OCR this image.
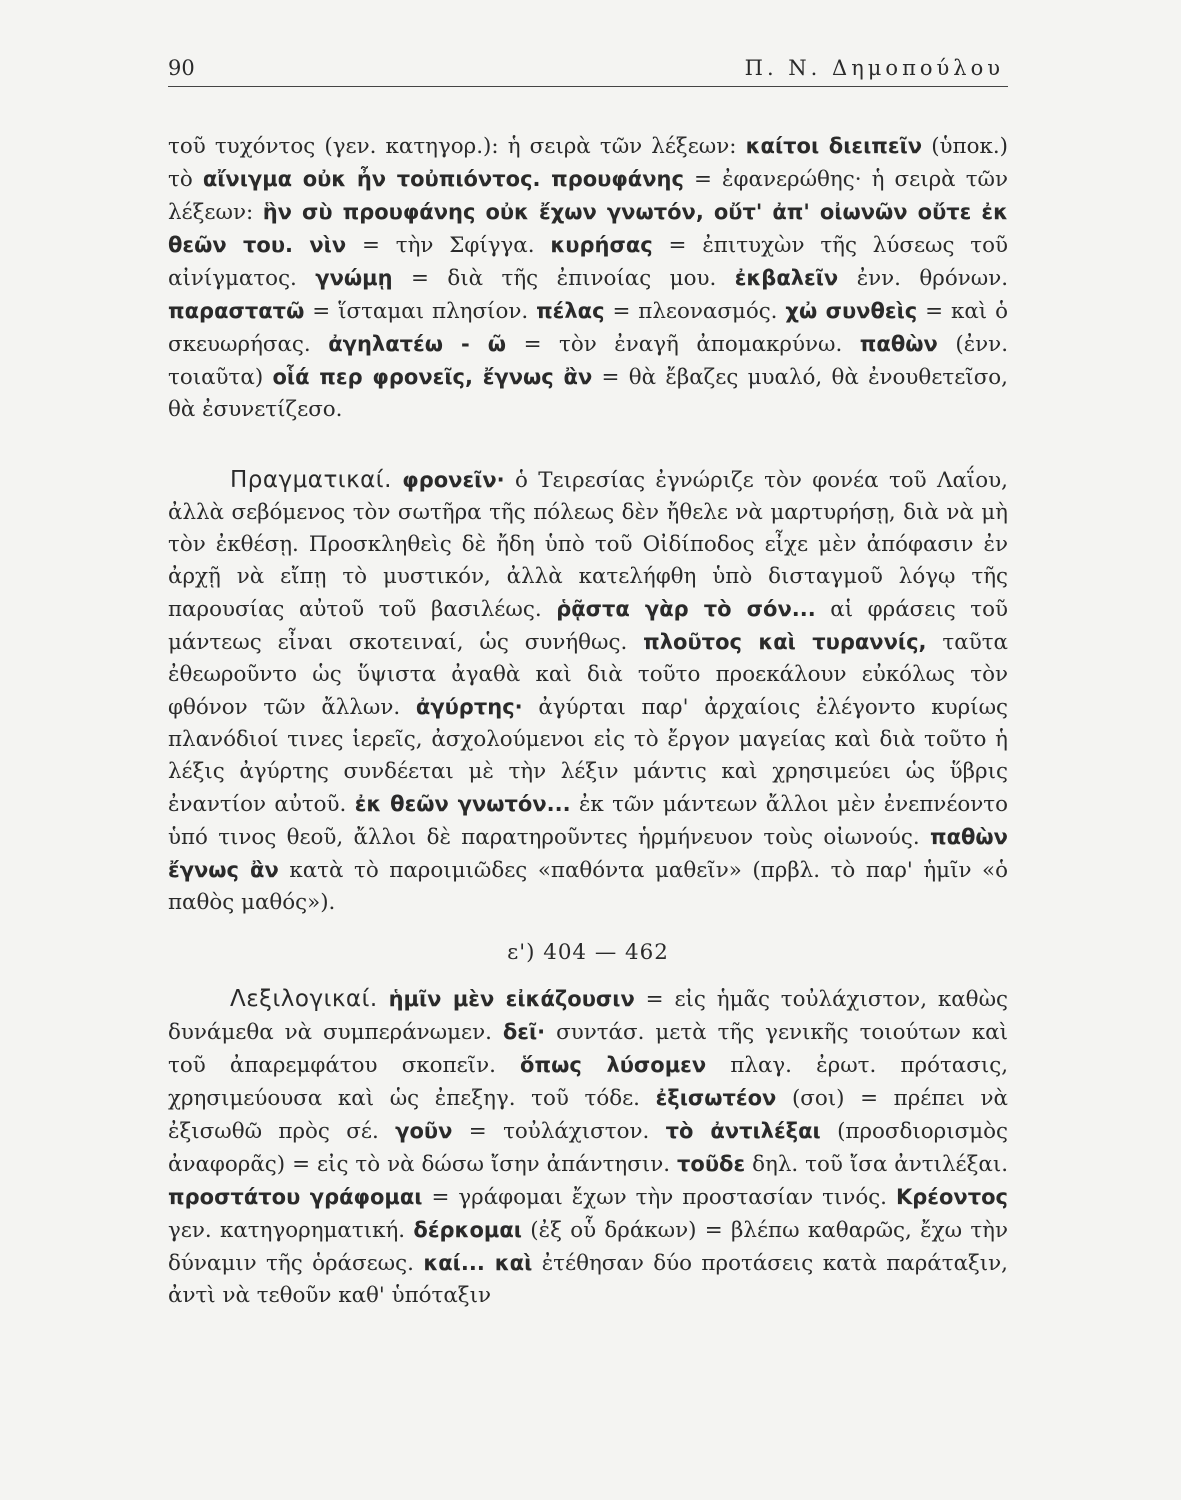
90	Π. Ν. Δημοπούλου

τοῦ τυχόντος (γεν. κατηγορ.): ἡ σειρὰ τῶν λέξεων: καίτοι διειπεῖν (ὑποκ.) τὸ αἴνιγμα οὐκ ἦν τοὐπιόντος. προυφάνης = ἐφανερώθης· ἡ σειρὰ τῶν λέξεων: ἣν σὺ προυφάνης οὐκ ἔχων γνωτόν, οὔτ' ἀπ' οἰωνῶν οὔτε ἐκ θεῶν του. νὶν = τὴν Σφίγγα. κυρήσας = ἐπιτυχὼν τῆς λύσεως τοῦ αἰνίγματος. γνώμῃ = διὰ τῆς ἐπινοίας μου. ἐκβαλεῖν ἐνν. θρόνων. παραστατῶ = ἵσταμαι πλησίον. πέλας = πλεονασμός. χὠ συνθεὶς = καὶ ὁ σκευωρήσας. ἀγηλατέω - ῶ = τὸν ἐναγῆ ἀπομακρύνω. παθὼν (ἐνν. τοιαῦτα) οἷά περ φρονεῖς, ἔγνως ἂν = θὰ ἔβαζες μυαλό, θὰ ἐνουθετεῖσο, θὰ ἐσυνετίζεσο.

Πραγματικαί. φρονεῖν· ὁ Τειρεσίας ἐγνώριζε τὸν φονέα τοῦ Λαΐου, ἀλλὰ σεβόμενος τὸν σωτῆρα τῆς πόλεως δὲν ἤθελε νὰ μαρτυρήσῃ, διὰ νὰ μὴ τὸν ἐκθέσῃ. Προσκληθεὶς δὲ ἤδη ὑπὸ τοῦ Οἰδίποδος εἶχε μὲν ἀπόφασιν ἐν ἀρχῇ νὰ εἴπῃ τὸ μυστικόν, ἀλλὰ κατελήφθη ὑπὸ δισταγμοῦ λόγῳ τῆς παρουσίας αὐτοῦ τοῦ βασιλέως. ῥᾷστα γὰρ τὸ σόν... αἱ φράσεις τοῦ μάντεως εἶναι σκοτειναί, ὡς συνήθως. πλοῦτος καὶ τυραννίς, ταῦτα ἐθεωροῦντο ὡς ὕψιστα ἀγαθὰ καὶ διὰ τοῦτο προεκάλουν εὐκόλως τὸν φθόνον τῶν ἄλλων. ἀγύρτης· ἀγύρται παρ' ἀρχαίοις ἐλέγοντο κυρίως πλανόδιοί τινες ἱερεῖς, ἀσχολούμενοι εἰς τὸ ἔργον μαγείας καὶ διὰ τοῦτο ἡ λέξις ἀγύρτης συνδέεται μὲ τὴν λέξιν μάντις καὶ χρησιμεύει ὡς ὕβρις ἐναντίον αὐτοῦ. ἐκ θεῶν γνωτόν... ἐκ τῶν μάντεων ἄλλοι μὲν ἐνεπνέοντο ὑπό τινος θεοῦ, ἄλλοι δὲ παρατηροῦντες ἡρμήνευον τοὺς οἰωνούς. παθὼν ἔγνως ἂν κατὰ τὸ παροιμιῶδες «παθόντα μαθεῖν» (πρβλ. τὸ παρ' ἡμῖν «ὁ παθὸς μαθός»).

ε') 404 — 462

Λεξιλογικαί. ἡμῖν μὲν εἰκάζουσιν = εἰς ἡμᾶς τοὐλάχιστον, καθὼς δυνάμεθα νὰ συμπεράνωμεν. δεῖ· συντάσ. μετὰ τῆς γενικῆς τοιούτων καὶ τοῦ ἀπαρεμφάτου σκοπεῖν. ὅπως λύσομεν πλαγ. ἐρωτ. πρότασις, χρησιμεύουσα καὶ ὡς ἐπεξηγ. τοῦ τόδε. ἐξισωτέον (σοι) = πρέπει νὰ ἐξισωθῶ πρὸς σέ. γοῦν = τοὐλάχιστον. τὸ ἀντιλέξαι (προσδιορισμὸς ἀναφορᾶς) = εἰς τὸ νὰ δώσω ἴσην ἀπάντησιν. τοῦδε δηλ. τοῦ ἴσα ἀντιλέξαι. προστάτου γράφομαι = γράφομαι ἔχων τὴν προστασίαν τινός. Κρέοντος γεν. κατηγορηματική. δέρκομαι (ἐξ οὗ δράκων) = βλέπω καθαρῶς, ἔχω τὴν δύναμιν τῆς ὁράσεως. καί... καὶ ἐτέθησαν δύο προτάσεις κατὰ παράταξιν, ἀντὶ νὰ τεθοῦν καθ' ὑπόταξιν
